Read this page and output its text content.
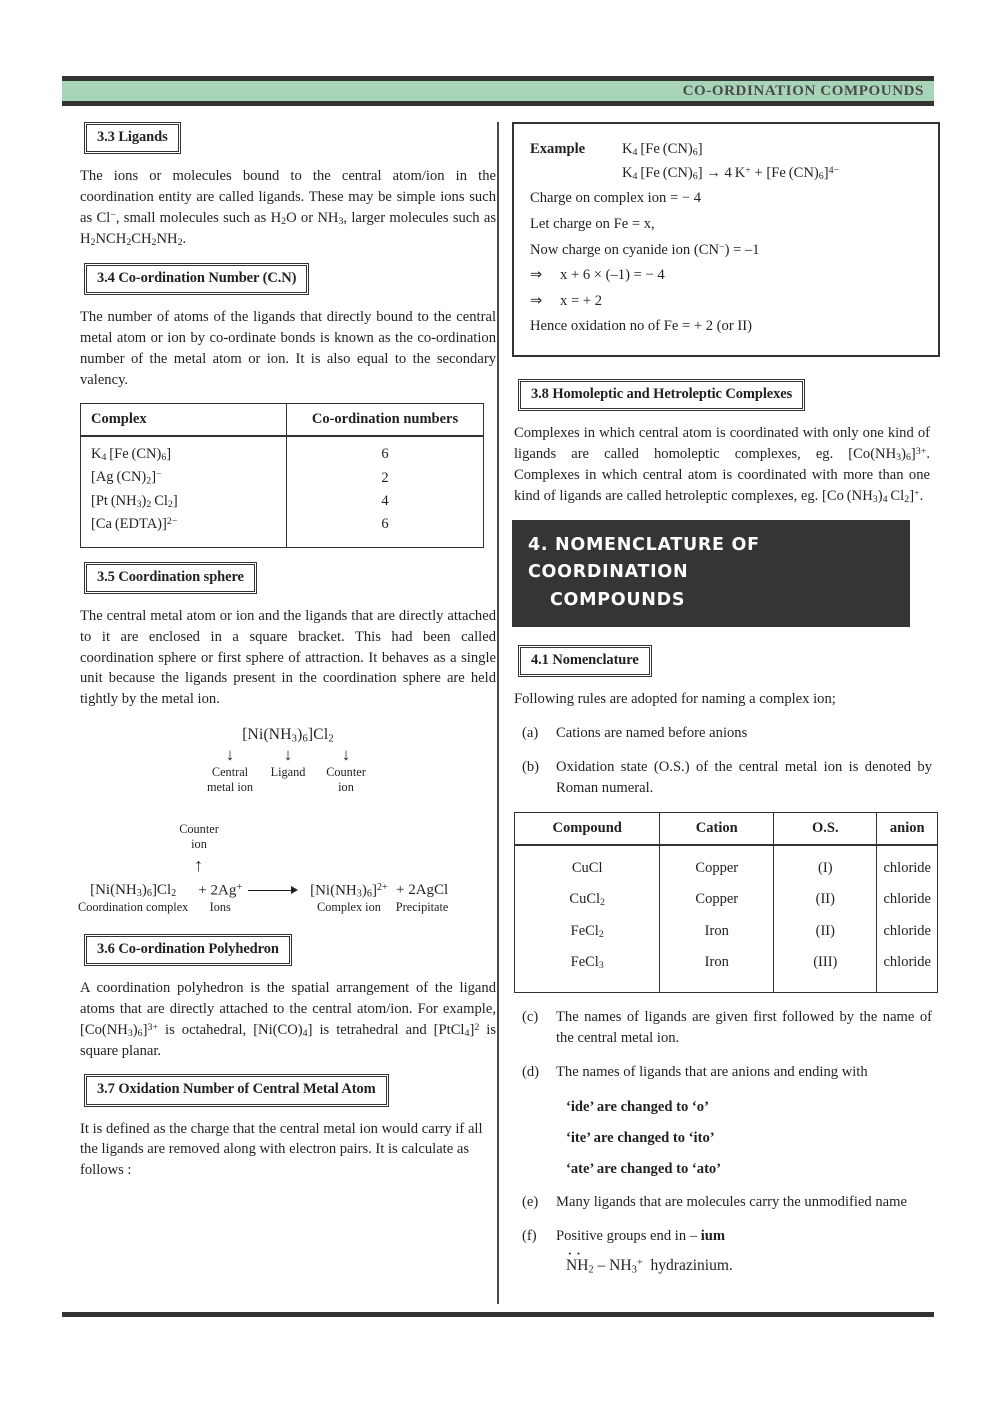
CO-ORDINATION COMPOUNDS
3.3 Ligands

The ions or molecules bound to the central atom/ion in the coordination entity are called ligands. These may be simple ions such as Cl−, small molecules such as $H_2O$ or $NH_3$, larger molecules such as $H_2NCH_2CH_2NH_2$.

3.4 Co-ordination Number (C.N)

The number of atoms of the ligands that directly bound to the central metal atom or ion by co-ordinate bonds is known as the co-ordination number of the metal atom or ion. It is also equal to the secondary valency.

Complex	Co-ordination numbers
$K_4$ [Fe $(CN)_6$]	6
[Ag $(CN)_2]^-$	2
[Pt $(NH_3)_2$ $Cl_2$]	4
[Ca (EDTA)]$^{2-}$	6
3.5 Coordination sphere

The central metal atom or ion and the ligands that are directly attached to it are enclosed in a square bracket. This had been called coordination sphere or first sphere of attraction. It behaves as a single unit because the ligands present in the coordination sphere are held tightly by the metal ion.

$[Ni(NH_3)_6]Cl_2$
↓	↓	↓
Central
metal ion
Ligand	Counter
ion
Counter
ion
↑
$[Ni(NH_3)_6]Cl_2$
Coordination complex
+ 2Ag+
Ions
$[Ni(NH_3)_6]^{2+}$
Complex ion
+ 2AgCl
Precipitate
3.6 Co-ordination Polyhedron

A coordination polyhedron is the spatial arrangement of the ligand atoms that are directly attached to the central atom/ion. For example, $[Co(NH_3)_6]^{3+}$ is octahedral, $[Ni(CO)_4]$ is tetrahedral and [PtCl$_4$]$^2$ is square planar.

3.7 Oxidation Number of Central Metal Atom

It is defined as the charge that the central metal ion would carry if all the ligands are removed along with electron pairs. It is calculate as follows :

Example	$K_4$ [Fe $(CN)_6$]
$K_4$ [Fe $(CN)_6] \to 4$ K+ + [Fe $(CN)_6]^{4-}$
Charge on complex ion = − 4
Let charge on Fe = x,
Now charge on cyanide ion (CN−) = –1
⇒	x + 6 × (–1) = − 4
⇒	x = + 2
Hence oxidation no of Fe = + 2 (or II)
3.8 Homoleptic and Hetroleptic Complexes

Complexes in which central atom is coordinated with only one kind of ligands are called homoleptic complexes, eg. $[Co(NH_3)_6]^{3+}$. Complexes in which central atom is coordinated with more than one kind of ligands are called hetroleptic complexes, eg. [Co $(NH_3)_4$ $Cl_2]^+$.

4. NOMENCLATURE OF COORDINATION
COMPOUNDS
4.1 Nomenclature

Following rules are adopted for naming a complex ion;

(a)	Cations are named before anions
(b)	Oxidation state (O.S.) of the central metal ion is denoted by Roman numeral.
Compound	Cation	O.S.	anion
CuCl	Copper	(I)	chloride
CuCl$_2$	Copper	(II)	chloride
FeCl$_2$	Iron	(II)	chloride
FeCl$_3$	Iron	(III)	chloride
(c)	The names of ligands are given first followed by the name of the central metal ion.
(d)	The names of ligands that are anions and ending with
‘ide’ are changed to ‘o’
‘ite’ are changed to ‘ito’
‘ate’ are changed to ‘ato’
(e)	Many ligands that are molecules carry the unmodified name
(f)	Positive groups end in – ium
·· $NH_2 - NH_3^+$  hydrazinium.
